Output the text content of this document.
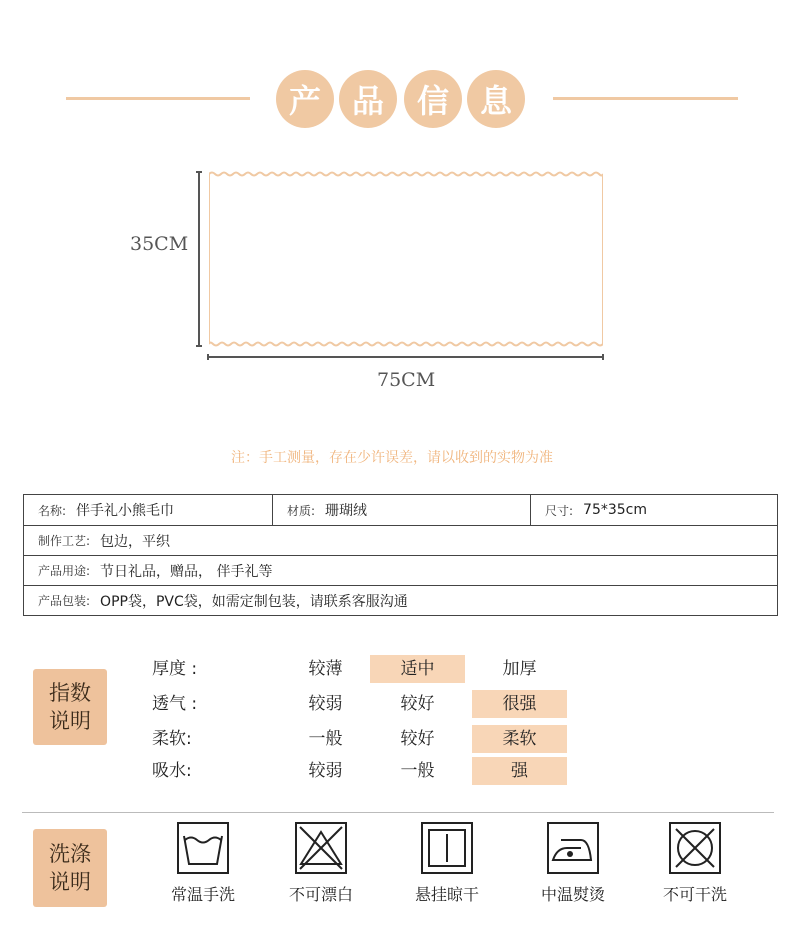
产 品	信 息
35CM
75CM
注：手工测量，存在少许误差，请以收到的实物为准
名称: 伴手礼小熊毛巾	材质: 珊瑚绒	尺寸: 75*35cm
制作工艺: 包边，平织
产品用途: 节日礼品，赠品， 伴手礼等
产品包装: OPP袋，PVC袋，如需定制包装，请联系客服沟通
指数
说明
厚度 :	较薄	适中	加厚
透气 :	较弱	较好	很强
柔软:	一般	较好	柔软
吸水:	较弱	一般	强
洗涤
说明
常温手洗	不可漂白	悬挂晾干	中温熨烫	不可干洗
